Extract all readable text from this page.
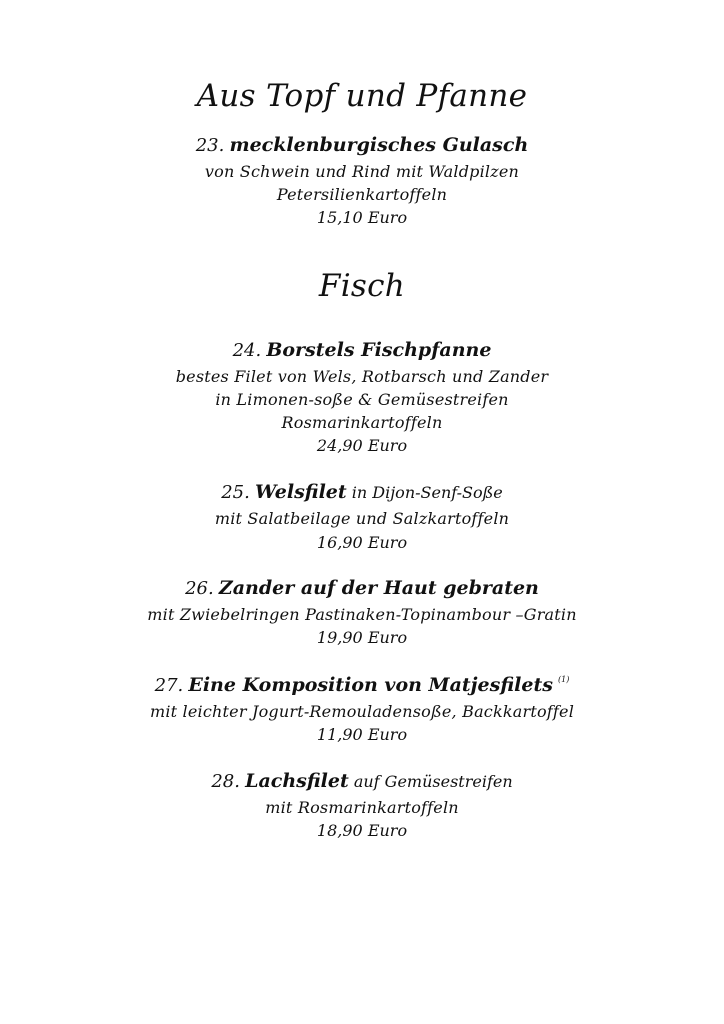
Aus Topf und Pfanne
23. mecklenburgisches Gulasch
von Schwein und Rind mit Waldpilzen
Petersilienkartoffeln
15,10 Euro
Fisch
24. Borstels Fischpfanne
bestes Filet von Wels, Rotbarsch und Zander
in Limonen-soße & Gemüsestreifen
Rosmarinkartoffeln
24,90 Euro
25. Welsfilet in Dijon-Senf-Soße
mit Salatbeilage und Salzkartoffeln
16,90 Euro
26. Zander auf der Haut gebraten
mit Zwiebelringen Pastinaken-Topinambour –Gratin
19,90 Euro
27. Eine Komposition von Matjesfilets $^{(1)}$
mit leichter Jogurt-Remouladensoße, Backkartoffel
11,90 Euro
28. Lachsfilet auf Gemüsestreifen
mit Rosmarinkartoffeln
18,90 Euro
